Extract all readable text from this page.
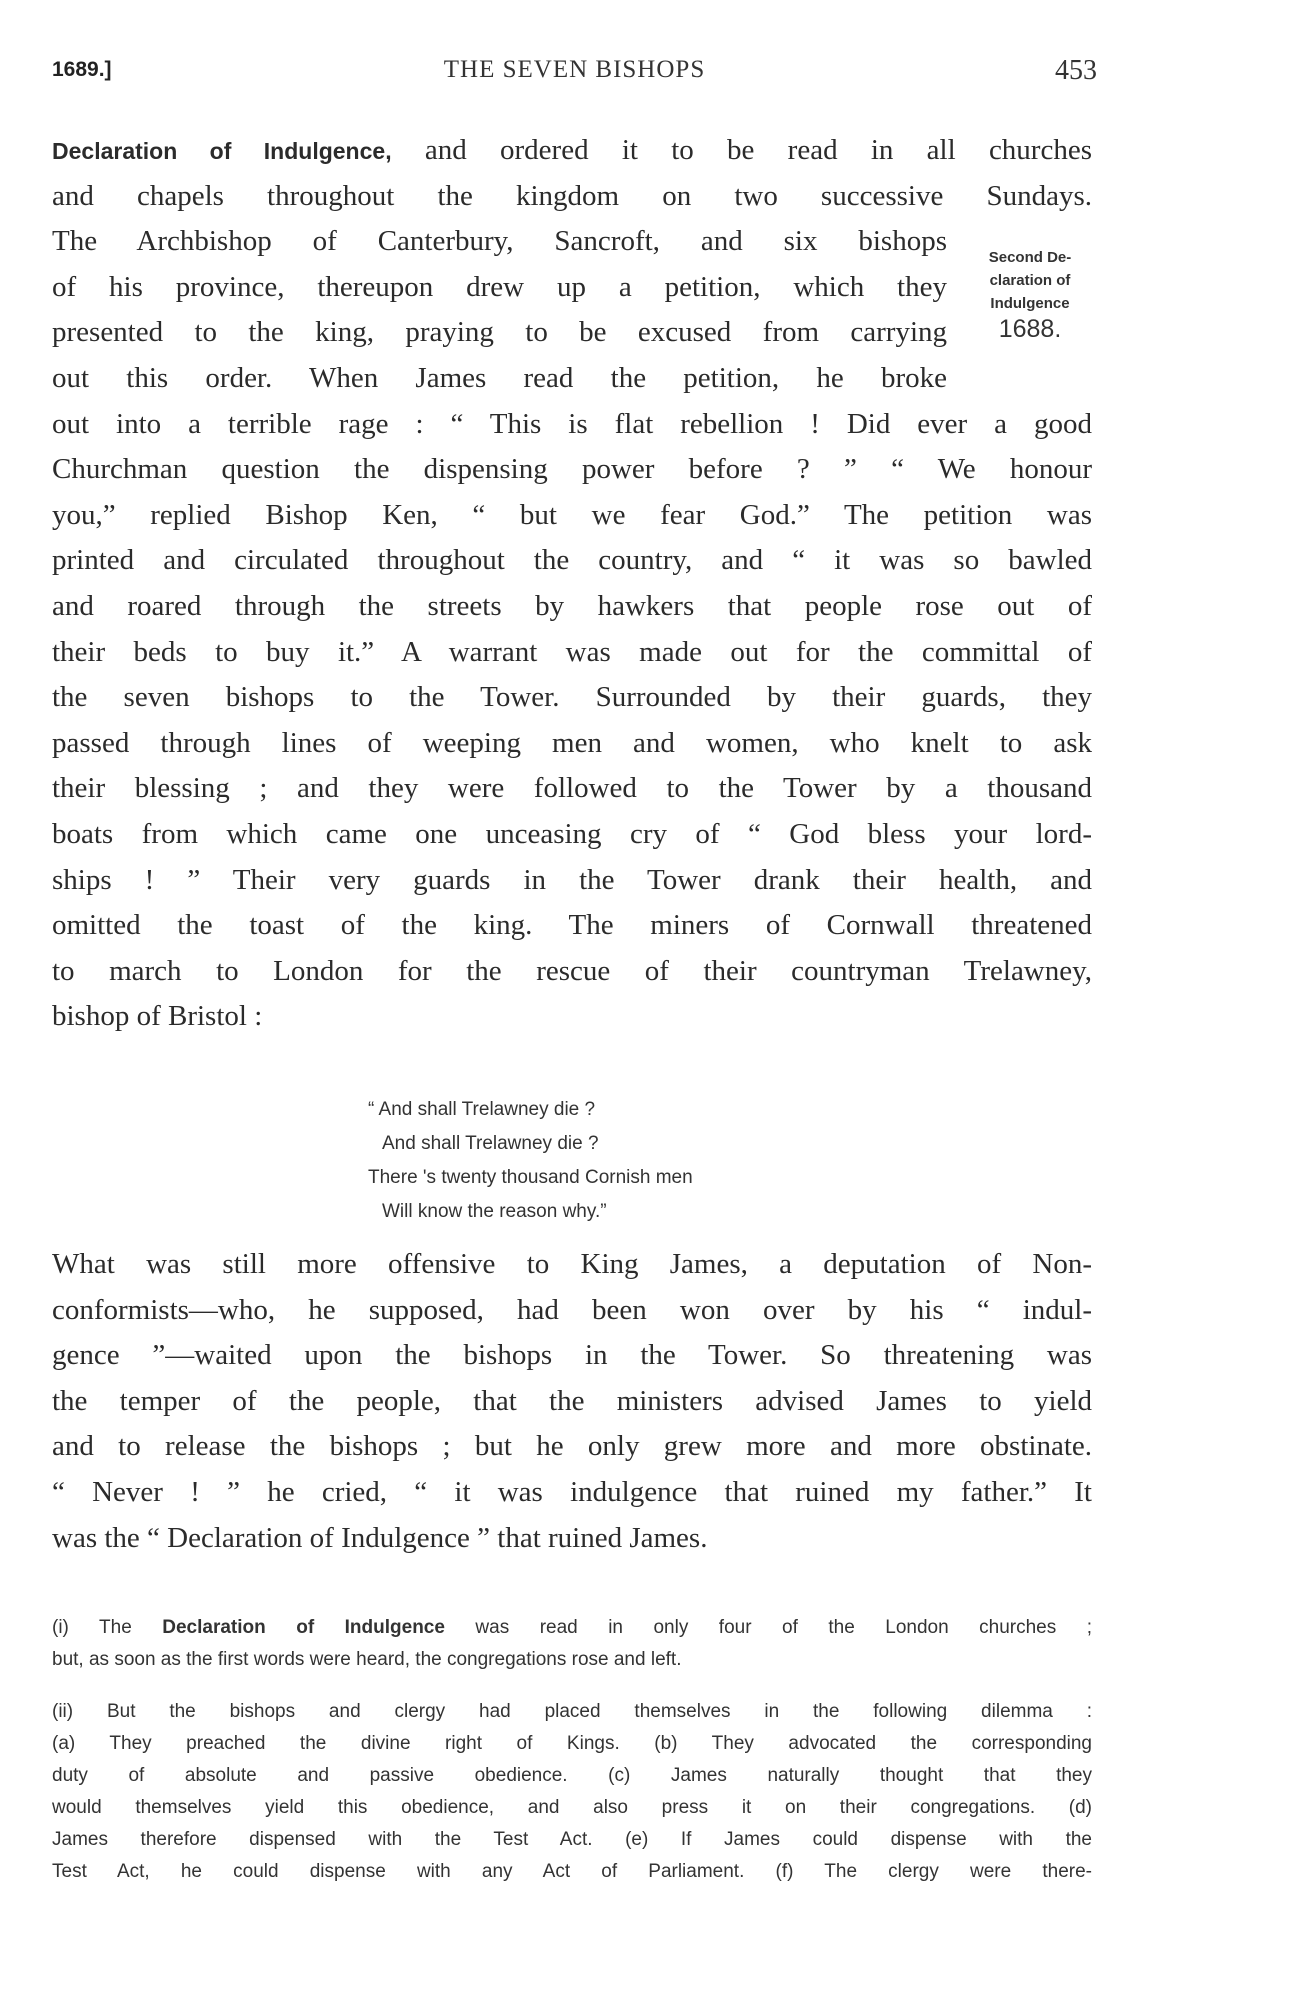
1689.]	THE SEVEN BISHOPS	453
Second De-
claration of
Indulgence
1688.
Declaration of Indulgence, and ordered it to be read in all churches
and chapels throughout the kingdom on two successive Sundays.
The Archbishop of Canterbury, Sancroft, and six bishops
of his province, thereupon drew up a petition, which they
presented to the king, praying to be excused from carrying
out this order. When James read the petition, he broke
out into a terrible rage : “ This is flat rebellion ! Did ever a good
Churchman question the dispensing power before ? ” “ We honour
you,” replied Bishop Ken, “ but we fear God.” The petition was
printed and circulated throughout the country, and “ it was so bawled
and roared through the streets by hawkers that people rose out of
their beds to buy it.” A warrant was made out for the committal of
the seven bishops to the Tower. Surrounded by their guards, they
passed through lines of weeping men and women, who knelt to ask
their blessing ; and they were followed to the Tower by a thousand
boats from which came one unceasing cry of “ God bless your lord-
ships ! ” Their very guards in the Tower drank their health, and
omitted the toast of the king. The miners of Cornwall threatened
to march to London for the rescue of their countryman Trelawney,
bishop of Bristol :
“ And shall Trelawney die ?
And shall Trelawney die ?
There 's twenty thousand Cornish men
Will know the reason why.”
What was still more offensive to King James, a deputation of Non-
conformists—who, he supposed, had been won over by his “ indul-
gence ”—waited upon the bishops in the Tower. So threatening was
the temper of the people, that the ministers advised James to yield
and to release the bishops ; but he only grew more and more obstinate.
“ Never ! ” he cried, “ it was indulgence that ruined my father.” It
was the “ Declaration of Indulgence ” that ruined James.
(i) The Declaration of Indulgence was read in only four of the London churches ;
but, as soon as the first words were heard, the congregations rose and left.
(ii) But the bishops and clergy had placed themselves in the following dilemma :
(a) They preached the divine right of Kings. (b) They advocated the corresponding
duty of absolute and passive obedience. (c) James naturally thought that they
would themselves yield this obedience, and also press it on their congregations. (d)
James therefore dispensed with the Test Act. (e) If James could dispense with the
Test Act, he could dispense with any Act of Parliament. (f) The clergy were there-
